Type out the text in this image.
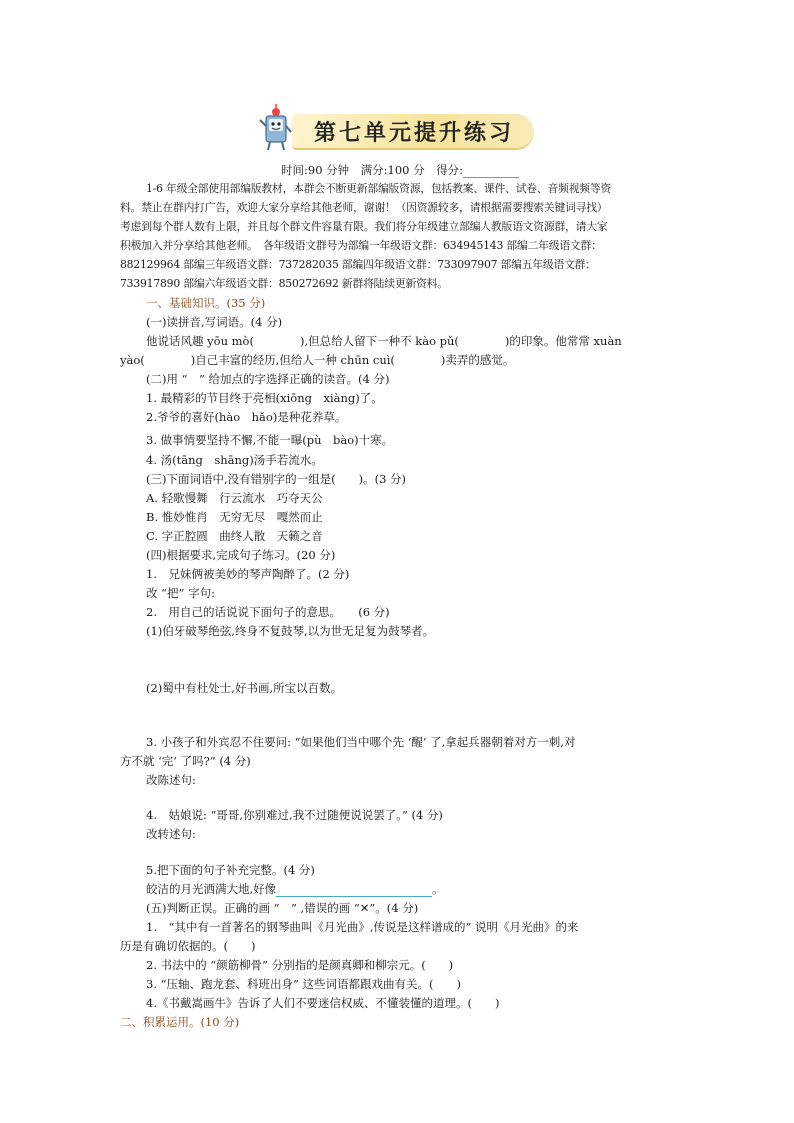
第七单元提升练习
时间:90 分钟　满分:100 分　得分:
1-6 年级全部使用部编版教材，本群会不断更新部编版资源，包括教案、课件、试卷、音频视频等资
料。禁止在群内打广告，欢迎大家分享给其他老师，谢谢！（因资源较多，请根据需要搜索关键词寻找）
考虑到每个群人数有上限，并且每个群文件容量有限。我们将分年级建立部编人教版语文资源群，请大家
积极加入并分享给其他老师。　各年级语文群号为部编一年级语文群：634945143 部编二年级语文群：
882129964 部编三年级语文群：737282035 部编四年级语文群：733097907 部编五年级语文群：
733917890 部编六年级语文群：850272692 新群将陆续更新资料。
一、基础知识。(35 分)
(一)读拼音,写词语。(4 分)
他说话风趣 yōu mò(　　　　),但总给人留下一种不 kào pǔ(　　　　)的印象。他常常 xuàn
yào(　　　　)自己丰富的经历,但给人一种 chūn cuì(　　　　)卖弄的感觉。
(二)用 “　” 给加点的字选择正确的读音。(4 分)
1. 最精彩的节目终于亮相(xiōng　xiàng)了。
2.爷爷的喜好(hào　hǎo)是种花养草。
3. 做事情要坚持不懈,不能一曝(pù　bào)十寒。
4. 汤(tāng　shāng)汤手若流水。
(三)下面词语中,没有错别字的一组是(　　)。(3 分)
A. 轻歌慢舞　行云流水　巧夺天公
B. 惟妙惟肖　无穷无尽　嘎然而止
C. 字正腔圆　曲终人散　天籁之音
(四)根据要求,完成句子练习。(20 分)
1.　兄妹俩被美妙的琴声陶醉了。(2 分)
改 “把” 字句:
2.　用自己的话说说下面句子的意思。　　(6 分)
(1)伯牙破琴绝弦,终身不复鼓琴,以为世无足复为鼓琴者。
(2)蜀中有杜处士,好书画,所宝以百数。
3. 小孩子和外宾忍不住要问: “如果他们当中哪个先 ‘醒’ 了,拿起兵器朝着对方一刺,对
方不就 ‘完’ 了吗?” (4 分)
改陈述句:
4.　姑娘说: “哥哥,你别难过,我不过随便说说罢了。” (4 分)
改转述句:
5.把下面的句子补充完整。(4 分)
皎洁的月光洒满大地,好像	。
(五)判断正误。正确的画 “　” ,错误的画 “✕”。(4 分)
1.　“其中有一首著名的钢琴曲叫《月光曲》,传说是这样谱成的” 说明《月光曲》的来
历是有确切依据的。(　　)
2. 书法中的 “颜筋柳骨” 分别指的是颜真卿和柳宗元。(　　)
3. “压轴、跑龙套、科班出身” 这些词语都跟戏曲有关。(　　)
4.《书戴嵩画牛》告诉了人们不要迷信权威、不懂装懂的道理。(　　)
二、积累运用。(10 分)
